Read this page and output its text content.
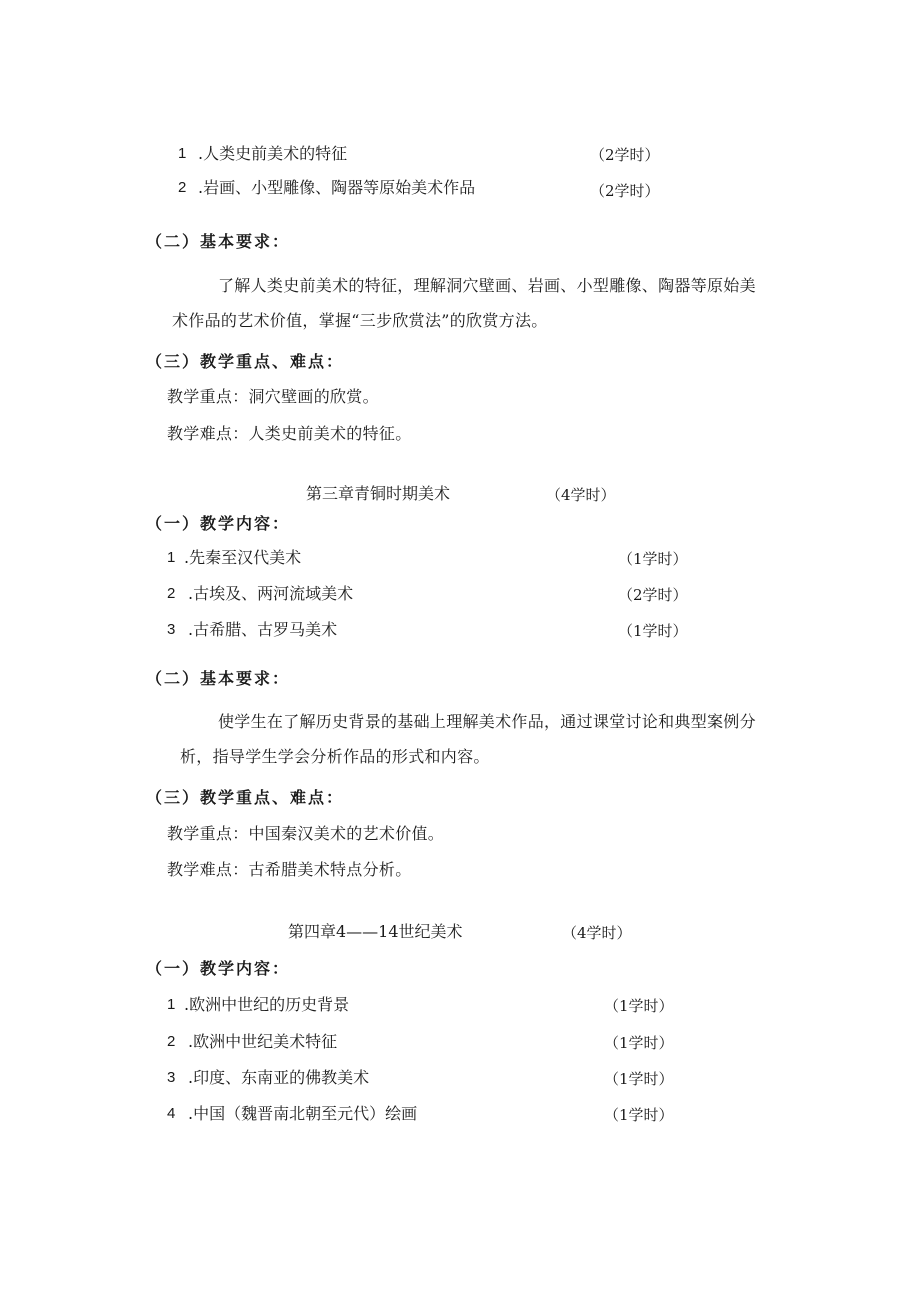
1 .人类史前美术的特征	（2学时）
2 .岩画、小型雕像、陶器等原始美术作品	（2学时）
（二）基本要求：
了解人类史前美术的特征，理解洞穴壁画、岩画、小型雕像、陶器等原始美
术作品的艺术价值，掌握“三步欣赏法”的欣赏方法。
（三）教学重点、难点：
教学重点：洞穴壁画的欣赏。
教学难点：人类史前美术的特征。
第三章青铜时期美术	（4学时）
（一）教学内容：
1 .先秦至汉代美术	（1学时）
2 .古埃及、两河流域美术	（2学时）
3 .古希腊、古罗马美术	（1学时）
（二）基本要求：
使学生在了解历史背景的基础上理解美术作品，通过课堂讨论和典型案例分
析，指导学生学会分析作品的形式和内容。
（三）教学重点、难点：
教学重点：中国秦汉美术的艺术价值。
教学难点：古希腊美术特点分析。
第四章4——14世纪美术	（4学时）
（一）教学内容：
1 .欧洲中世纪的历史背景	（1学时）
2 .欧洲中世纪美术特征	（1学时）
3 .印度、东南亚的佛教美术	（1学时）
4 .中国（魏晋南北朝至元代）绘画	（1学时）
